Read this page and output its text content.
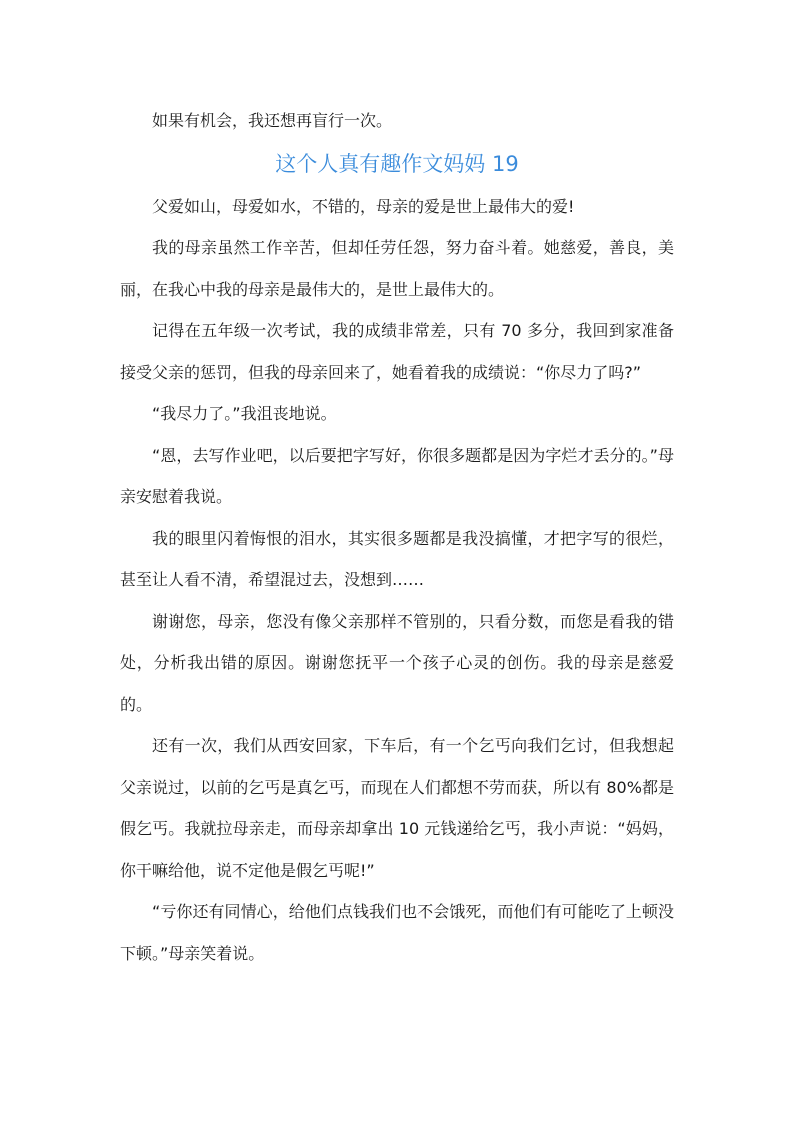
如果有机会，我还想再盲行一次。

这个人真有趣作文妈妈 19

父爱如山，母爱如水，不错的，母亲的爱是世上最伟大的爱!

我的母亲虽然工作辛苦，但却任劳任怨，努力奋斗着。她慈爱，善良，美丽，在我心中我的母亲是最伟大的，是世上最伟大的。

记得在五年级一次考试，我的成绩非常差，只有 70 多分，我回到家准备接受父亲的惩罚，但我的母亲回来了，她看着我的成绩说：“你尽力了吗?”

“我尽力了。”我沮丧地说。

“恩，去写作业吧，以后要把字写好，你很多题都是因为字烂才丢分的。”母亲安慰着我说。

我的眼里闪着悔恨的泪水，其实很多题都是我没搞懂，才把字写的很烂，甚至让人看不清，希望混过去，没想到……

谢谢您，母亲，您没有像父亲那样不管别的，只看分数，而您是看我的错处，分析我出错的原因。谢谢您抚平一个孩子心灵的创伤。我的母亲是慈爱的。

还有一次，我们从西安回家，下车后，有一个乞丐向我们乞讨，但我想起父亲说过，以前的乞丐是真乞丐，而现在人们都想不劳而获，所以有 80%都是假乞丐。我就拉母亲走，而母亲却拿出 10 元钱递给乞丐，我小声说：“妈妈，你干嘛给他，说不定他是假乞丐呢!”

“亏你还有同情心，给他们点钱我们也不会饿死，而他们有可能吃了上顿没下顿。”母亲笑着说。
